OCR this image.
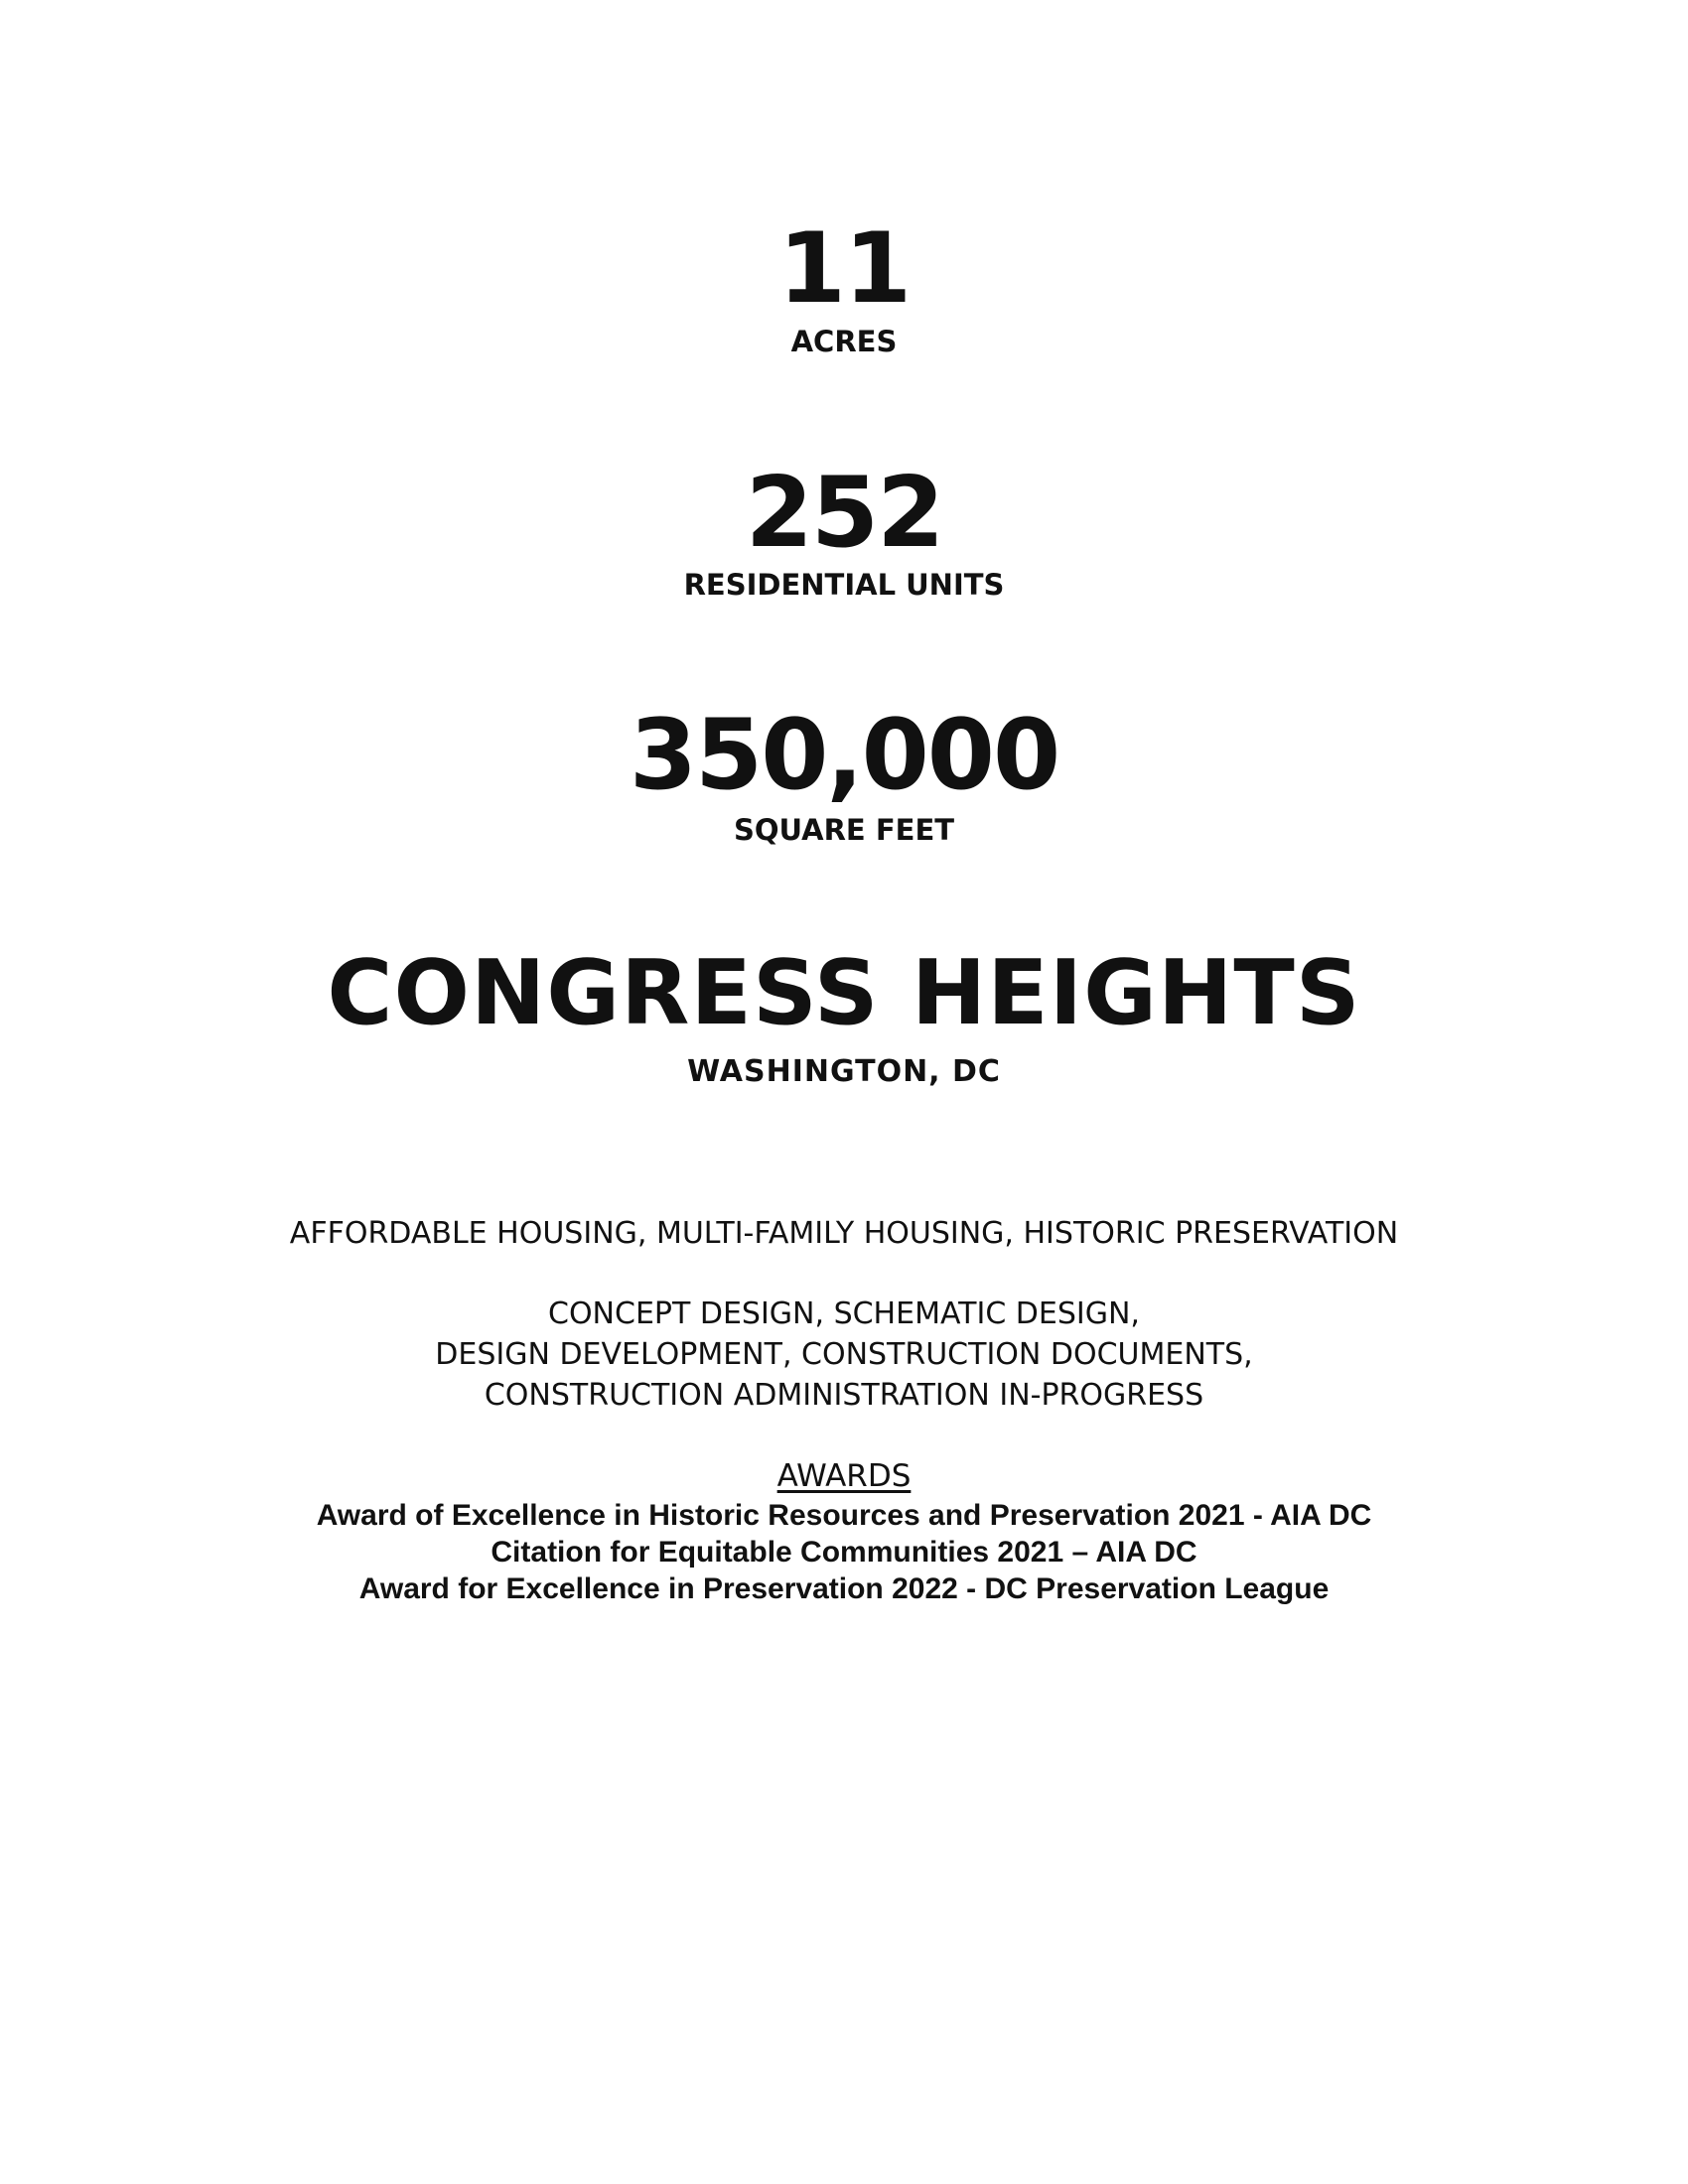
11
ACRES
252
RESIDENTIAL UNITS
350,000
SQUARE FEET
CONGRESS HEIGHTS
WASHINGTON, DC
AFFORDABLE HOUSING, MULTI-FAMILY HOUSING, HISTORIC PRESERVATION
CONCEPT DESIGN, SCHEMATIC DESIGN,
DESIGN DEVELOPMENT, CONSTRUCTION DOCUMENTS,
CONSTRUCTION ADMINISTRATION IN-PROGRESS
AWARDS
Award of Excellence in Historic Resources and Preservation 2021 - AIA DC
Citation for Equitable Communities 2021 – AIA DC
Award for Excellence in Preservation 2022 - DC Preservation League
